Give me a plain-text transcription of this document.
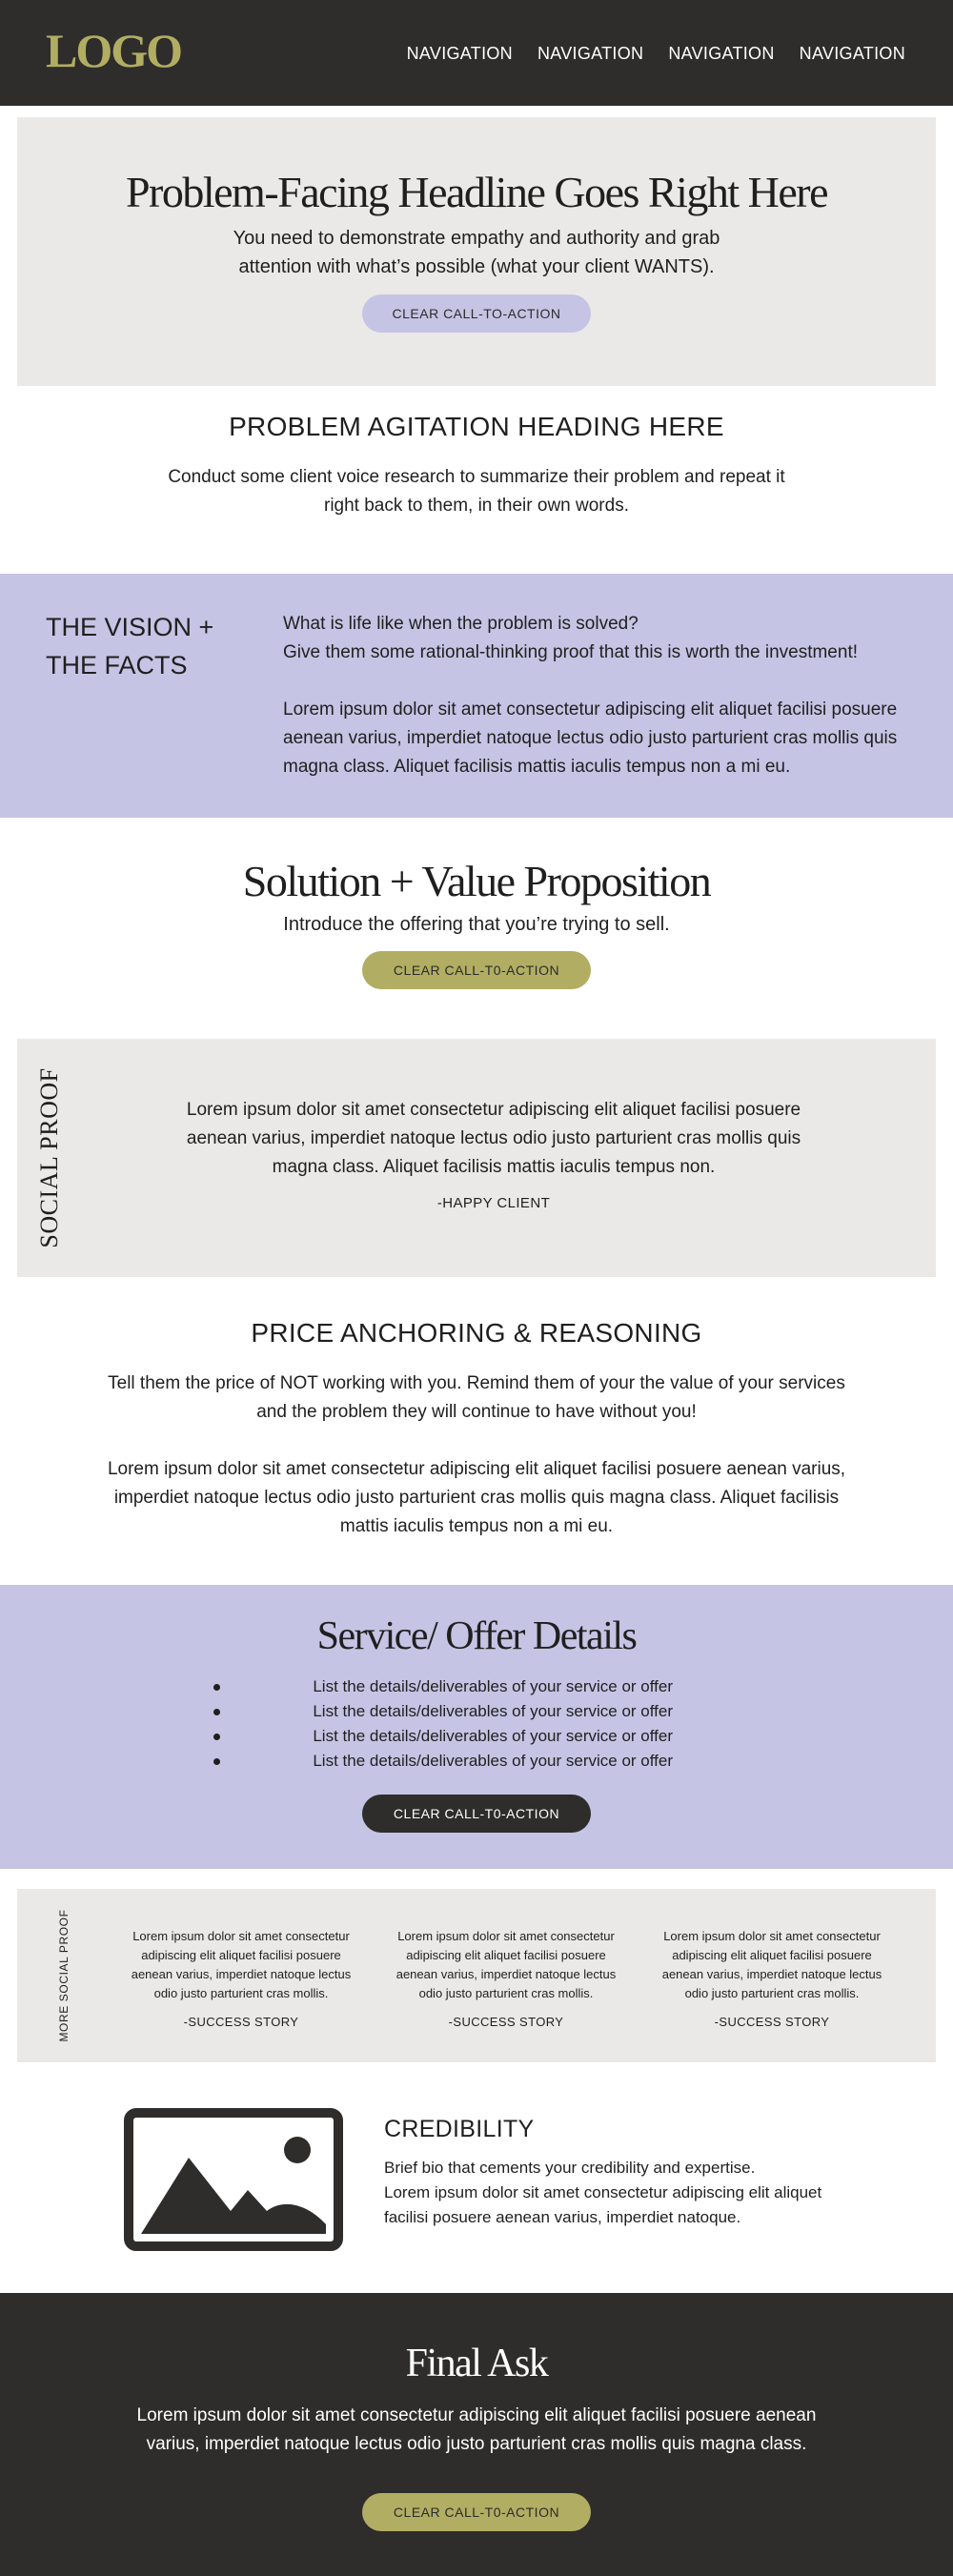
LOGO	NAVIGATION NAVIGATION NAVIGATION NAVIGATION
Problem-Facing Headline Goes Right Here

You need to demonstrate empathy and authority and grab attention with what’s possible (what your client WANTS).

CLEAR CALL-TO-ACTION
PROBLEM AGITATION HEADING HERE

Conduct some client voice research to summarize their problem and repeat it right back to them, in their own words.

THE VISION + THE FACTS
What is life like when the problem is solved?
Give them some rational-thinking proof that this is worth the investment!

Lorem ipsum dolor sit amet consectetur adipiscing elit aliquet facilisi posuere aenean varius, imperdiet natoque lectus odio justo parturient cras mollis quis magna class. Aliquet facilisis mattis iaculis tempus non a mi eu.

Solution + Value Proposition

Introduce the offering that you’re trying to sell.

CLEAR CALL-T0-ACTION
SOCIAL PROOF	Lorem ipsum dolor sit amet consectetur adipiscing elit aliquet facilisi posuere aenean varius, imperdiet natoque lectus odio justo parturient cras mollis quis magna class. Aliquet facilisis mattis iaculis tempus non.

-HAPPY CLIENT
PRICE ANCHORING & REASONING

Tell them the price of NOT working with you. Remind them of your the value of your services and the problem they will continue to have without you!

Lorem ipsum dolor sit amet consectetur adipiscing elit aliquet facilisi posuere aenean varius, imperdiet natoque lectus odio justo parturient cras mollis quis magna class. Aliquet facilisis mattis iaculis tempus non a mi eu.

Service/ Offer Details
List the details/deliverables of your service or offer
List the details/deliverables of your service or offer
List the details/deliverables of your service or offer
List the details/deliverables of your service or offer
CLEAR CALL-T0-ACTION
MORE SOCIAL PROOF	Lorem ipsum dolor sit amet consectetur adipiscing elit aliquet facilisi posuere aenean varius, imperdiet natoque lectus odio justo parturient cras mollis.
-SUCCESS STORY
Lorem ipsum dolor sit amet consectetur adipiscing elit aliquet facilisi posuere aenean varius, imperdiet natoque lectus odio justo parturient cras mollis.
-SUCCESS STORY
Lorem ipsum dolor sit amet consectetur adipiscing elit aliquet facilisi posuere aenean varius, imperdiet natoque lectus odio justo parturient cras mollis.
-SUCCESS STORY
CREDIBILITY

Brief bio that cements your credibility and expertise.
Lorem ipsum dolor sit amet consectetur adipiscing elit aliquet facilisi posuere aenean varius, imperdiet natoque.

Final Ask

Lorem ipsum dolor sit amet consectetur adipiscing elit aliquet facilisi posuere aenean varius, imperdiet natoque lectus odio justo parturient cras mollis quis magna class.

CLEAR CALL-T0-ACTION
